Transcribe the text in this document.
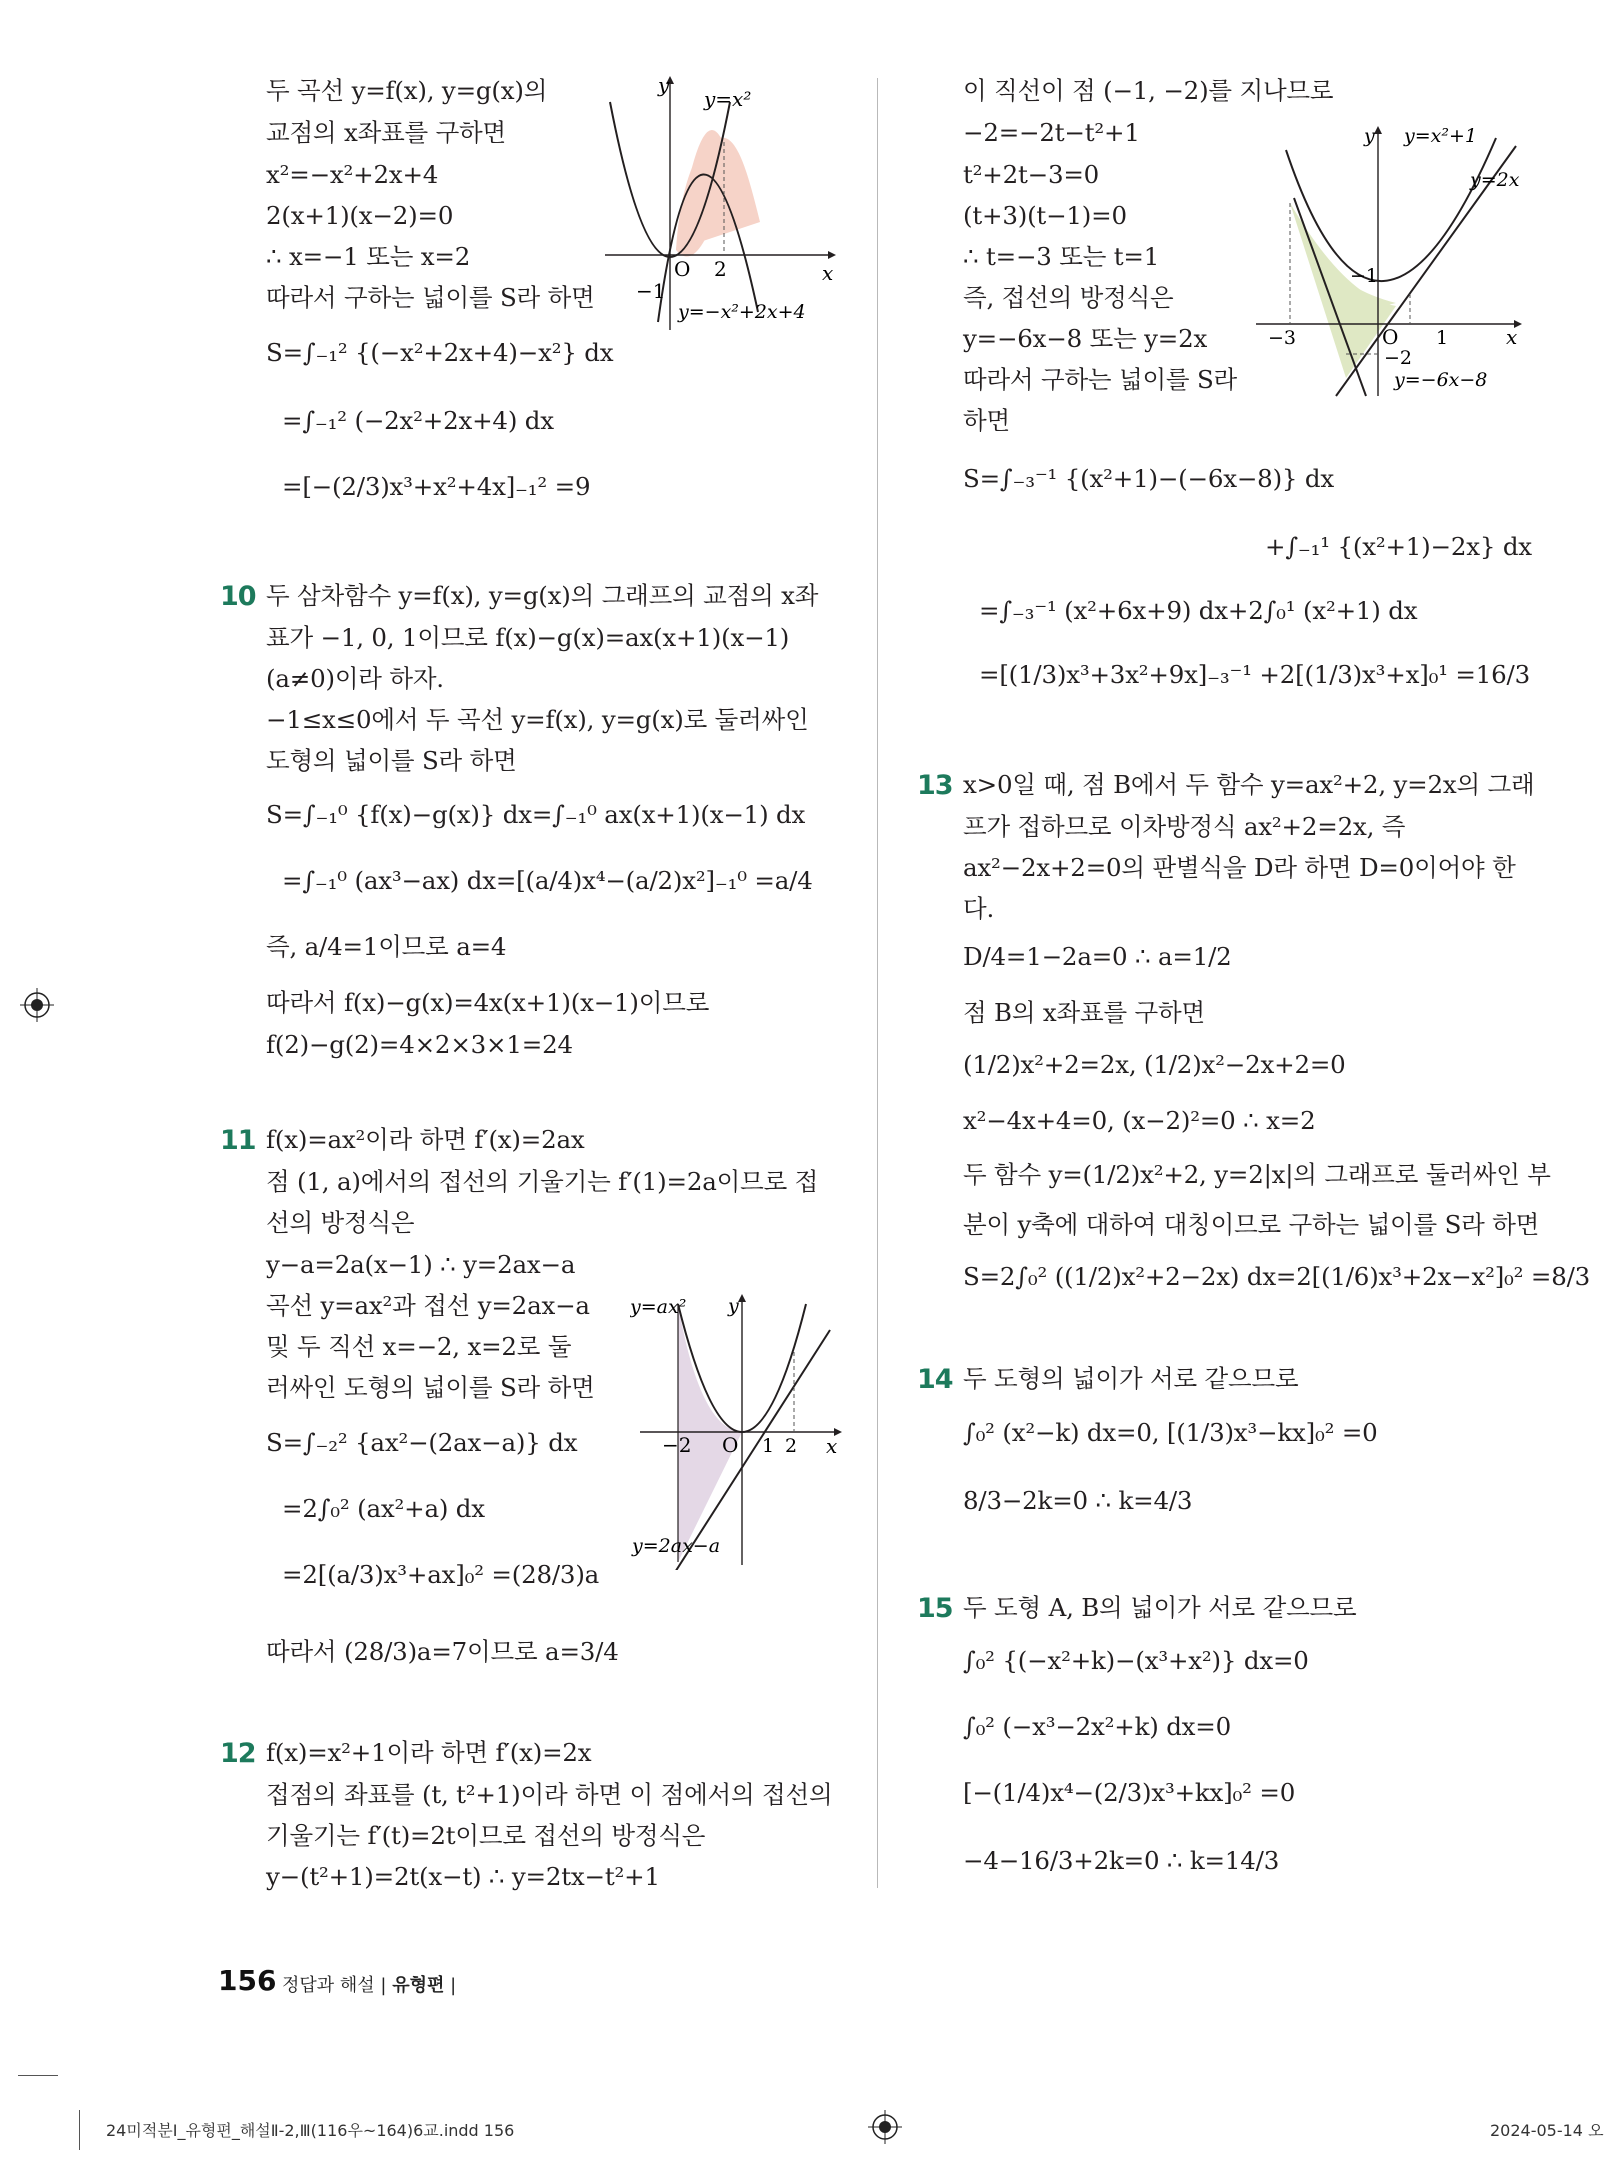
두 곡선 y=f(x), y=g(x)의
교점의 x좌표를 구하면
x²=−x²+2x+4
2(x+1)(x−2)=0
∴ x=−1 또는 x=2
따라서 구하는 넓이를 S라 하면
S=∫₋₁² {(−x²+2x+4)−x²} dx
=∫₋₁² (−2x²+2x+4) dx
=[−(2/3)x³+x²+4x]₋₁² =9
10 두 삼차함수 y=f(x), y=g(x)의 그래프의 교점의 x좌
표가 −1, 0, 1이므로 f(x)−g(x)=ax(x+1)(x−1)
(a≠0)이라 하자.
−1≤x≤0에서 두 곡선 y=f(x), y=g(x)로 둘러싸인
도형의 넓이를 S라 하면
S=∫₋₁⁰ {f(x)−g(x)} dx=∫₋₁⁰ ax(x+1)(x−1) dx
=∫₋₁⁰ (ax³−ax) dx=[(a/4)x⁴−(a/2)x²]₋₁⁰ =a/4
즉, a/4=1이므로 a=4
따라서 f(x)−g(x)=4x(x+1)(x−1)이므로
f(2)−g(2)=4×2×3×1=24
11 f(x)=ax²이라 하면 f′(x)=2ax
점 (1, a)에서의 접선의 기울기는 f′(1)=2a이므로 접
선의 방정식은
y−a=2a(x−1) ∴ y=2ax−a
곡선 y=ax²과 접선 y=2ax−a
및 두 직선 x=−2, x=2로 둘
러싸인 도형의 넓이를 S라 하면
S=∫₋₂² {ax²−(2ax−a)} dx
=2∫₀² (ax²+a) dx
=2[(a/3)x³+ax]₀² =(28/3)a
따라서 (28/3)a=7이므로 a=3/4
12 f(x)=x²+1이라 하면 f′(x)=2x
접점의 좌표를 (t, t²+1)이라 하면 이 점에서의 접선의
기울기는 f′(t)=2t이므로 접선의 방정식은
y−(t²+1)=2t(x−t) ∴ y=2tx−t²+1
y
x
O 2
−1
y=x²
y=−x²+2x+4
y=ax² y
x
O
−2	1 2
y=2ax−a
이 직선이 점 (−1, −2)를 지나므로
−2=−2t−t²+1
t²+2t−3=0
(t+3)(t−1)=0
∴ t=−3 또는 t=1
즉, 접선의 방정식은
y=−6x−8 또는 y=2x
따라서 구하는 넓이를 S라
하면
S=∫₋₃⁻¹ {(x²+1)−(−6x−8)} dx
+∫₋₁¹ {(x²+1)−2x} dx
=∫₋₃⁻¹ (x²+6x+9) dx+2∫₀¹ (x²+1) dx
=[(1/3)x³+3x²+9x]₋₃⁻¹ +2[(1/3)x³+x]₀¹ =16/3
13 x>0일 때, 점 B에서 두 함수 y=ax²+2, y=2x의 그래
프가 접하므로 이차방정식 ax²+2=2x, 즉
ax²−2x+2=0의 판별식을 D라 하면 D=0이어야 한
다.
D/4=1−2a=0 ∴ a=1/2
점 B의 x좌표를 구하면
(1/2)x²+2=2x, (1/2)x²−2x+2=0
x²−4x+4=0, (x−2)²=0 ∴ x=2
두 함수 y=(1/2)x²+2, y=2|x|의 그래프로 둘러싸인 부
분이 y축에 대하여 대칭이므로 구하는 넓이를 S라 하면
S=2∫₀² ((1/2)x²+2−2x) dx=2[(1/6)x³+2x−x²]₀² =8/3
14 두 도형의 넓이가 서로 같으므로
∫₀² (x²−k) dx=0, [(1/3)x³−kx]₀² =0
8/3−2k=0 ∴ k=4/3
15 두 도형 A, B의 넓이가 서로 같으므로
∫₀² {(−x²+k)−(x³+x²)} dx=0
∫₀² (−x³−2x²+k) dx=0
[−(1/4)x⁴−(2/3)x³+kx]₀² =0
−4−16/3+2k=0 ∴ k=14/3
y
x
O
y=x²+1
y=2x
−1
−3	1
−2
y=−6x−8
156 정답과 해설 | 유형편 |
24미적분Ⅰ_유형편_해설Ⅱ-2,Ⅲ(116우~164)6교.indd 156	2024-05-14 오
